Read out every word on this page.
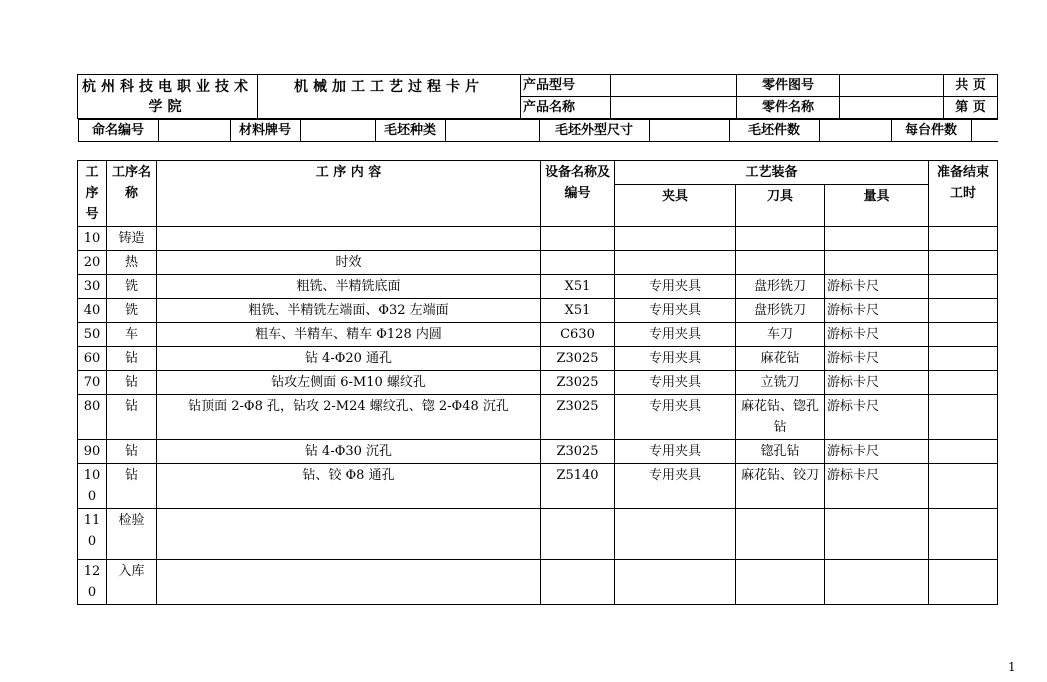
杭州科技电职业技术学院	机械加工工艺过程卡片	产品型号		零件图号		共 页
产品名称		零件名称		第 页

命名编号		材料牌号		毛坯种类		毛坯外型尺寸		毛坯件数		每台件数	
工序号	工序名称	工 序 内 容	设备名称及编号	工艺装备			准备结束工时
				夹具	刀具	量具	
10	铸造						
20	热	时效					
30	铣	粗铣、半精铣底面	X51	专用夹具	盘形铣刀	游标卡尺	
40	铣	粗铣、半精铣左端面、Φ32 左端面	X51	专用夹具	盘形铣刀	游标卡尺	
50	车	粗车、半精车、精车 Φ128 内圆	C630	专用夹具	车刀	游标卡尺	
60	钻	钻 4-Φ20 通孔	Z3025	专用夹具	麻花钻	游标卡尺	
70	钻	钻攻左侧面 6-M10 螺纹孔	Z3025	专用夹具	立铣刀	游标卡尺	
80	钻	钻顶面 2-Φ8 孔，钻攻 2-M24 螺纹孔、锪 2-Φ48 沉孔	Z3025	专用夹具	麻花钻、锪孔钻	游标卡尺	
90	钻	钻 4-Φ30 沉孔	Z3025	专用夹具	锪孔钻	游标卡尺	
100	钻	钻、铰 Φ8 通孔	Z5140	专用夹具	麻花钻、铰刀	游标卡尺	
110	检验						
120	入库						
1
